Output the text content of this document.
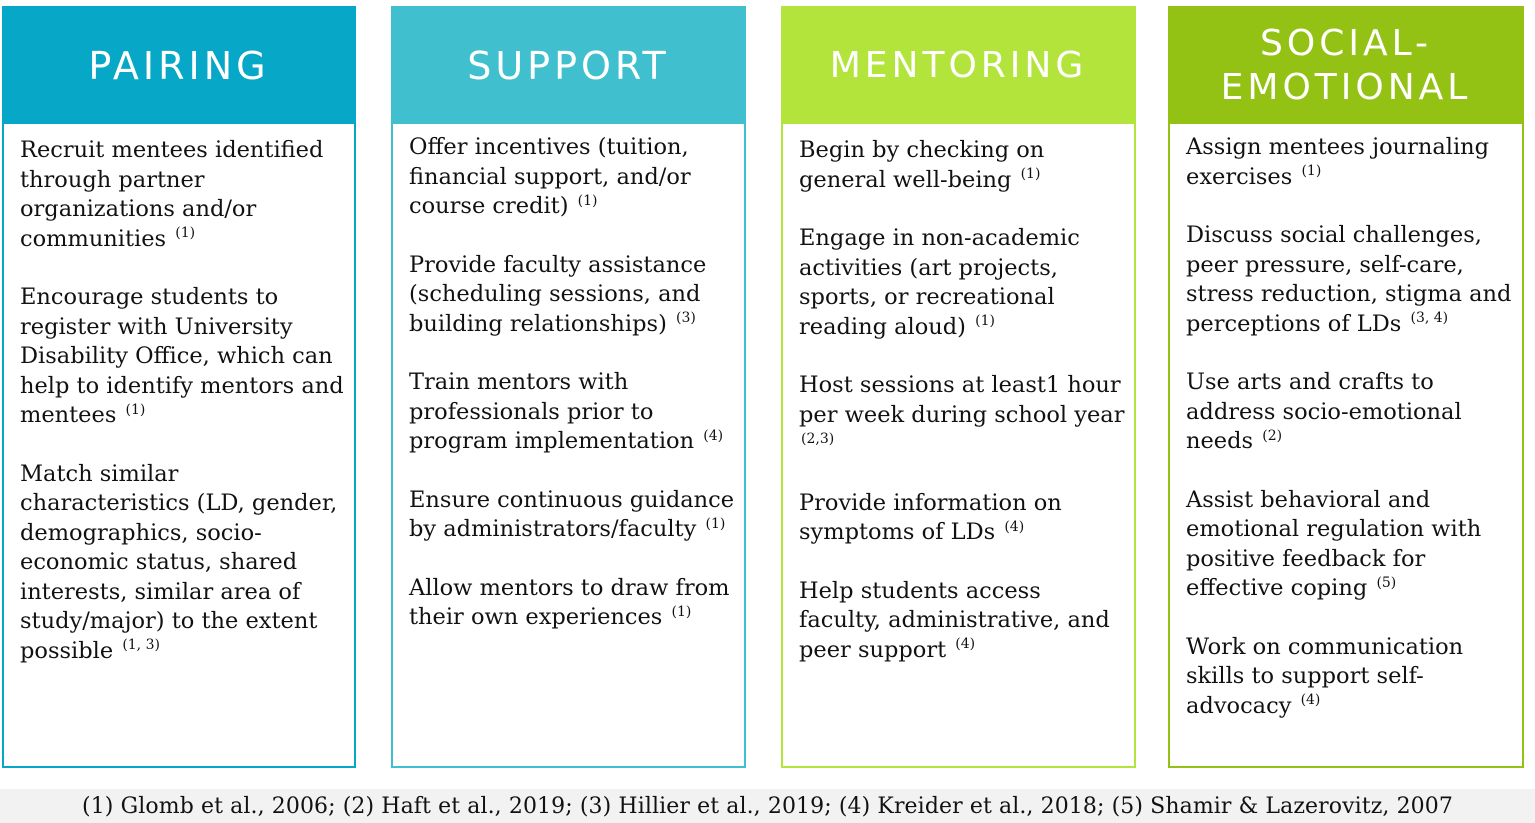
PAIRING
Recruit mentees identified through partner organizations and/or communities $^{(1)}$
Encourage students to register with University Disability Office, which can help to identify mentors and mentees $^{(1)}$
Match similar characteristics (LD, gender, demographics, socio-economic status, shared interests, similar area of study/major) to the extent possible $^{(1, 3)}$
SUPPORT
Offer incentives (tuition, financial support, and/or course credit) $^{(1)}$
Provide faculty assistance (scheduling sessions, and building relationships) $^{(3)}$
Train mentors with professionals prior to program implementation $^{(4)}$
Ensure continuous guidance by administrators/faculty $^{(1)}$
Allow mentors to draw from their own experiences $^{(1)}$
MENTORING
Begin by checking on general well-being $^{(1)}$
Engage in non-academic activities (art projects, sports, or recreational reading aloud) $^{(1)}$
Host sessions at least1 hour per week during school year $^{(2,3)}$
Provide information on symptoms of LDs $^{(4)}$
Help students access faculty, administrative, and peer support $^{(4)}$
SOCIAL-
EMOTIONAL
Assign mentees journaling exercises $^{(1)}$
Discuss social challenges, peer pressure, self-care, stress reduction, stigma and perceptions of LDs $^{(3, 4)}$
Use arts and crafts to address socio-emotional needs $^{(2)}$
Assist behavioral and emotional regulation with positive feedback for effective coping $^{(5)}$
Work on communication skills to support self-advocacy $^{(4)}$
(1) Glomb et al., 2006; (2) Haft et al., 2019; (3) Hillier et al., 2019; (4) Kreider et al., 2018; (5) Shamir & Lazerovitz, 2007
